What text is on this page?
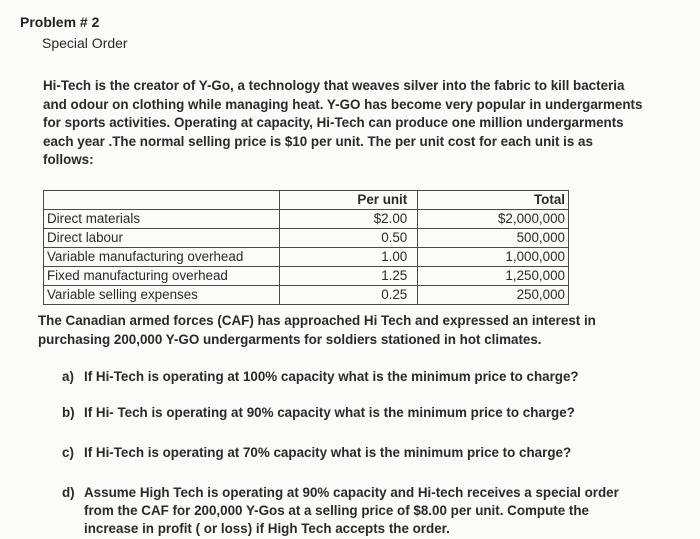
Problem # 2
Special Order
Hi-Tech is the creator of Y-Go, a technology that weaves silver into the fabric to kill bacteria and odour on clothing while managing heat. Y-GO has become very popular in undergarments for sports activities. Operating at capacity, Hi-Tech can produce one million undergarments each year .The normal selling price is $10 per unit. The per unit cost for each unit is as follows:
	Per unit	Total
Direct materials	$2.00	$2,000,000
Direct labour	0.50	500,000
Variable manufacturing overhead	1.00	1,000,000
Fixed manufacturing overhead	1.25	1,250,000
Variable selling expenses	0.25	250,000
The Canadian armed forces (CAF) has approached Hi Tech and expressed an interest in purchasing 200,000 Y-GO undergarments for soldiers stationed in hot climates.
a) If Hi-Tech is operating at 100% capacity what is the minimum price to charge?
b) If Hi- Tech is operating at 90% capacity what is the minimum price to charge?
c) If Hi-Tech is operating at 70% capacity what is the minimum price to charge?
d) Assume High Tech is operating at 90% capacity and Hi-tech receives a special order from the CAF for 200,000 Y-Gos at a selling price of $8.00 per unit. Compute the increase in profit ( or loss) if High Tech accepts the order.
